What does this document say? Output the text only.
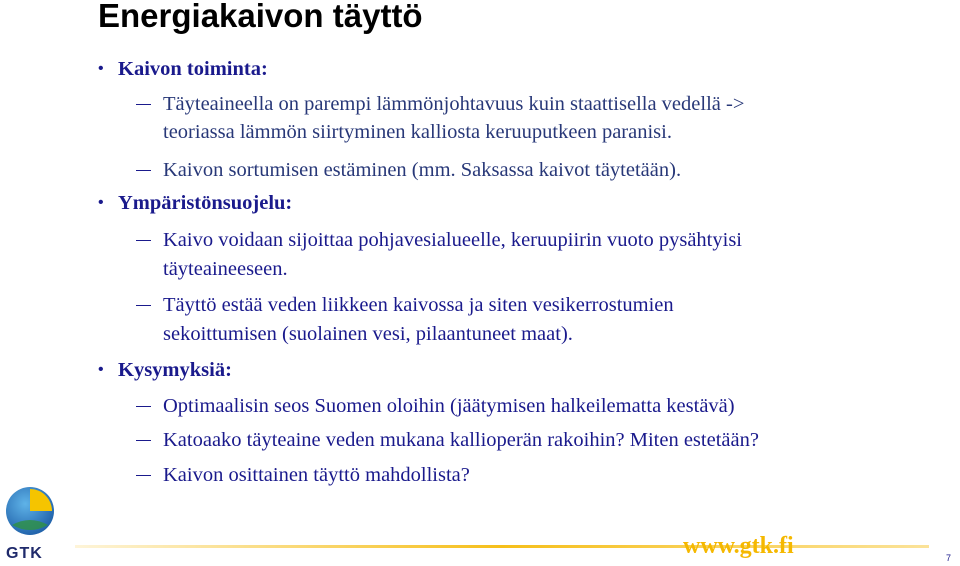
Energiakaivon täyttö
• Kaivon toiminta:
Täyteaineella on parempi lämmönjohtavuus kuin staattisella vedellä ->
teoriassa lämmön siirtyminen kalliosta keruuputkeen paranisi.
Kaivon sortumisen estäminen (mm. Saksassa kaivot täytetään).
• Ympäristönsuojelu:
Kaivo voidaan sijoittaa pohjavesialueelle, keruupiirin vuoto pysähtyisi
täyteaineeseen.
Täyttö estää veden liikkeen kaivossa ja siten vesikerrostumien
sekoittumisen (suolainen vesi, pilaantuneet maat).
• Kysymyksiä:
Optimaalisin seos Suomen oloihin (jäätymisen halkeilematta kestävä)
Katoaako täyteaine veden mukana kallioperän rakoihin? Miten estetään?
Kaivon osittainen täyttö mahdollista?
GTK	www.gtk.fi	7
